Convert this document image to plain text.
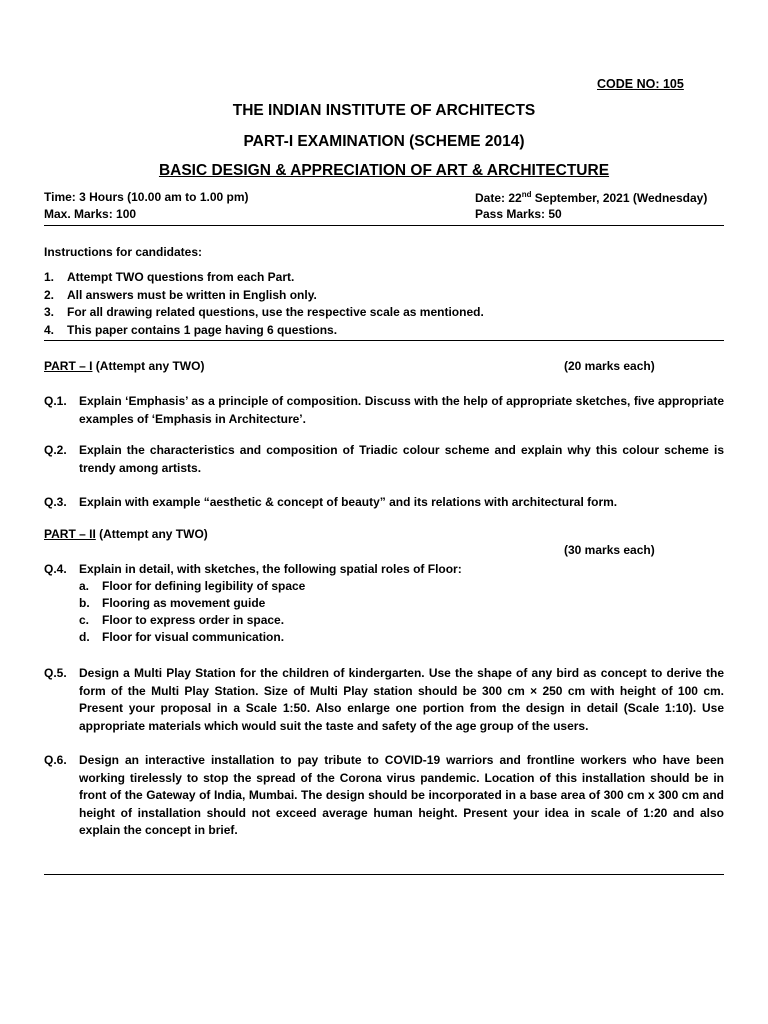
CODE NO: 105
THE INDIAN INSTITUTE OF ARCHITECTS
PART-I EXAMINATION (SCHEME 2014)
BASIC DESIGN & APPRECIATION OF ART & ARCHITECTURE
Time: 3 Hours (10.00 am to 1.00 pm)
Max. Marks: 100
Date: 22nd September, 2021 (Wednesday)
Pass Marks: 50
Instructions for candidates:
1. Attempt TWO questions from each Part.
2. All answers must be written in English only.
3. For all drawing related questions, use the respective scale as mentioned.
4. This paper contains 1 page having 6 questions.
PART – I (Attempt any TWO)	(20 marks each)
Q.1. Explain ‘Emphasis’ as a principle of composition. Discuss with the help of appropriate sketches, five appropriate examples of ‘Emphasis in Architecture’.
Q.2. Explain the characteristics and composition of Triadic colour scheme and explain why this colour scheme is trendy among artists.
Q.3. Explain with example “aesthetic & concept of beauty” and its relations with architectural form.
PART – II (Attempt any TWO)
(30 marks each)
Q.4. Explain in detail, with sketches, the following spatial roles of Floor:
a. Floor for defining legibility of space
b. Flooring as movement guide
c. Floor to express order in space.
d. Floor for visual communication.
Q.5. Design a Multi Play Station for the children of kindergarten. Use the shape of any bird as concept to derive the form of the Multi Play Station. Size of Multi Play station should be 300 cm × 250 cm with height of 100 cm. Present your proposal in a Scale 1:50. Also enlarge one portion from the design in detail (Scale 1:10). Use appropriate materials which would suit the taste and safety of the age group of the users.
Q.6. Design an interactive installation to pay tribute to COVID-19 warriors and frontline workers who have been working tirelessly to stop the spread of the Corona virus pandemic. Location of this installation should be in front of the Gateway of India, Mumbai. The design should be incorporated in a base area of 300 cm x 300 cm and height of installation should not exceed average human height. Present your idea in scale of 1:20 and also explain the concept in brief.
